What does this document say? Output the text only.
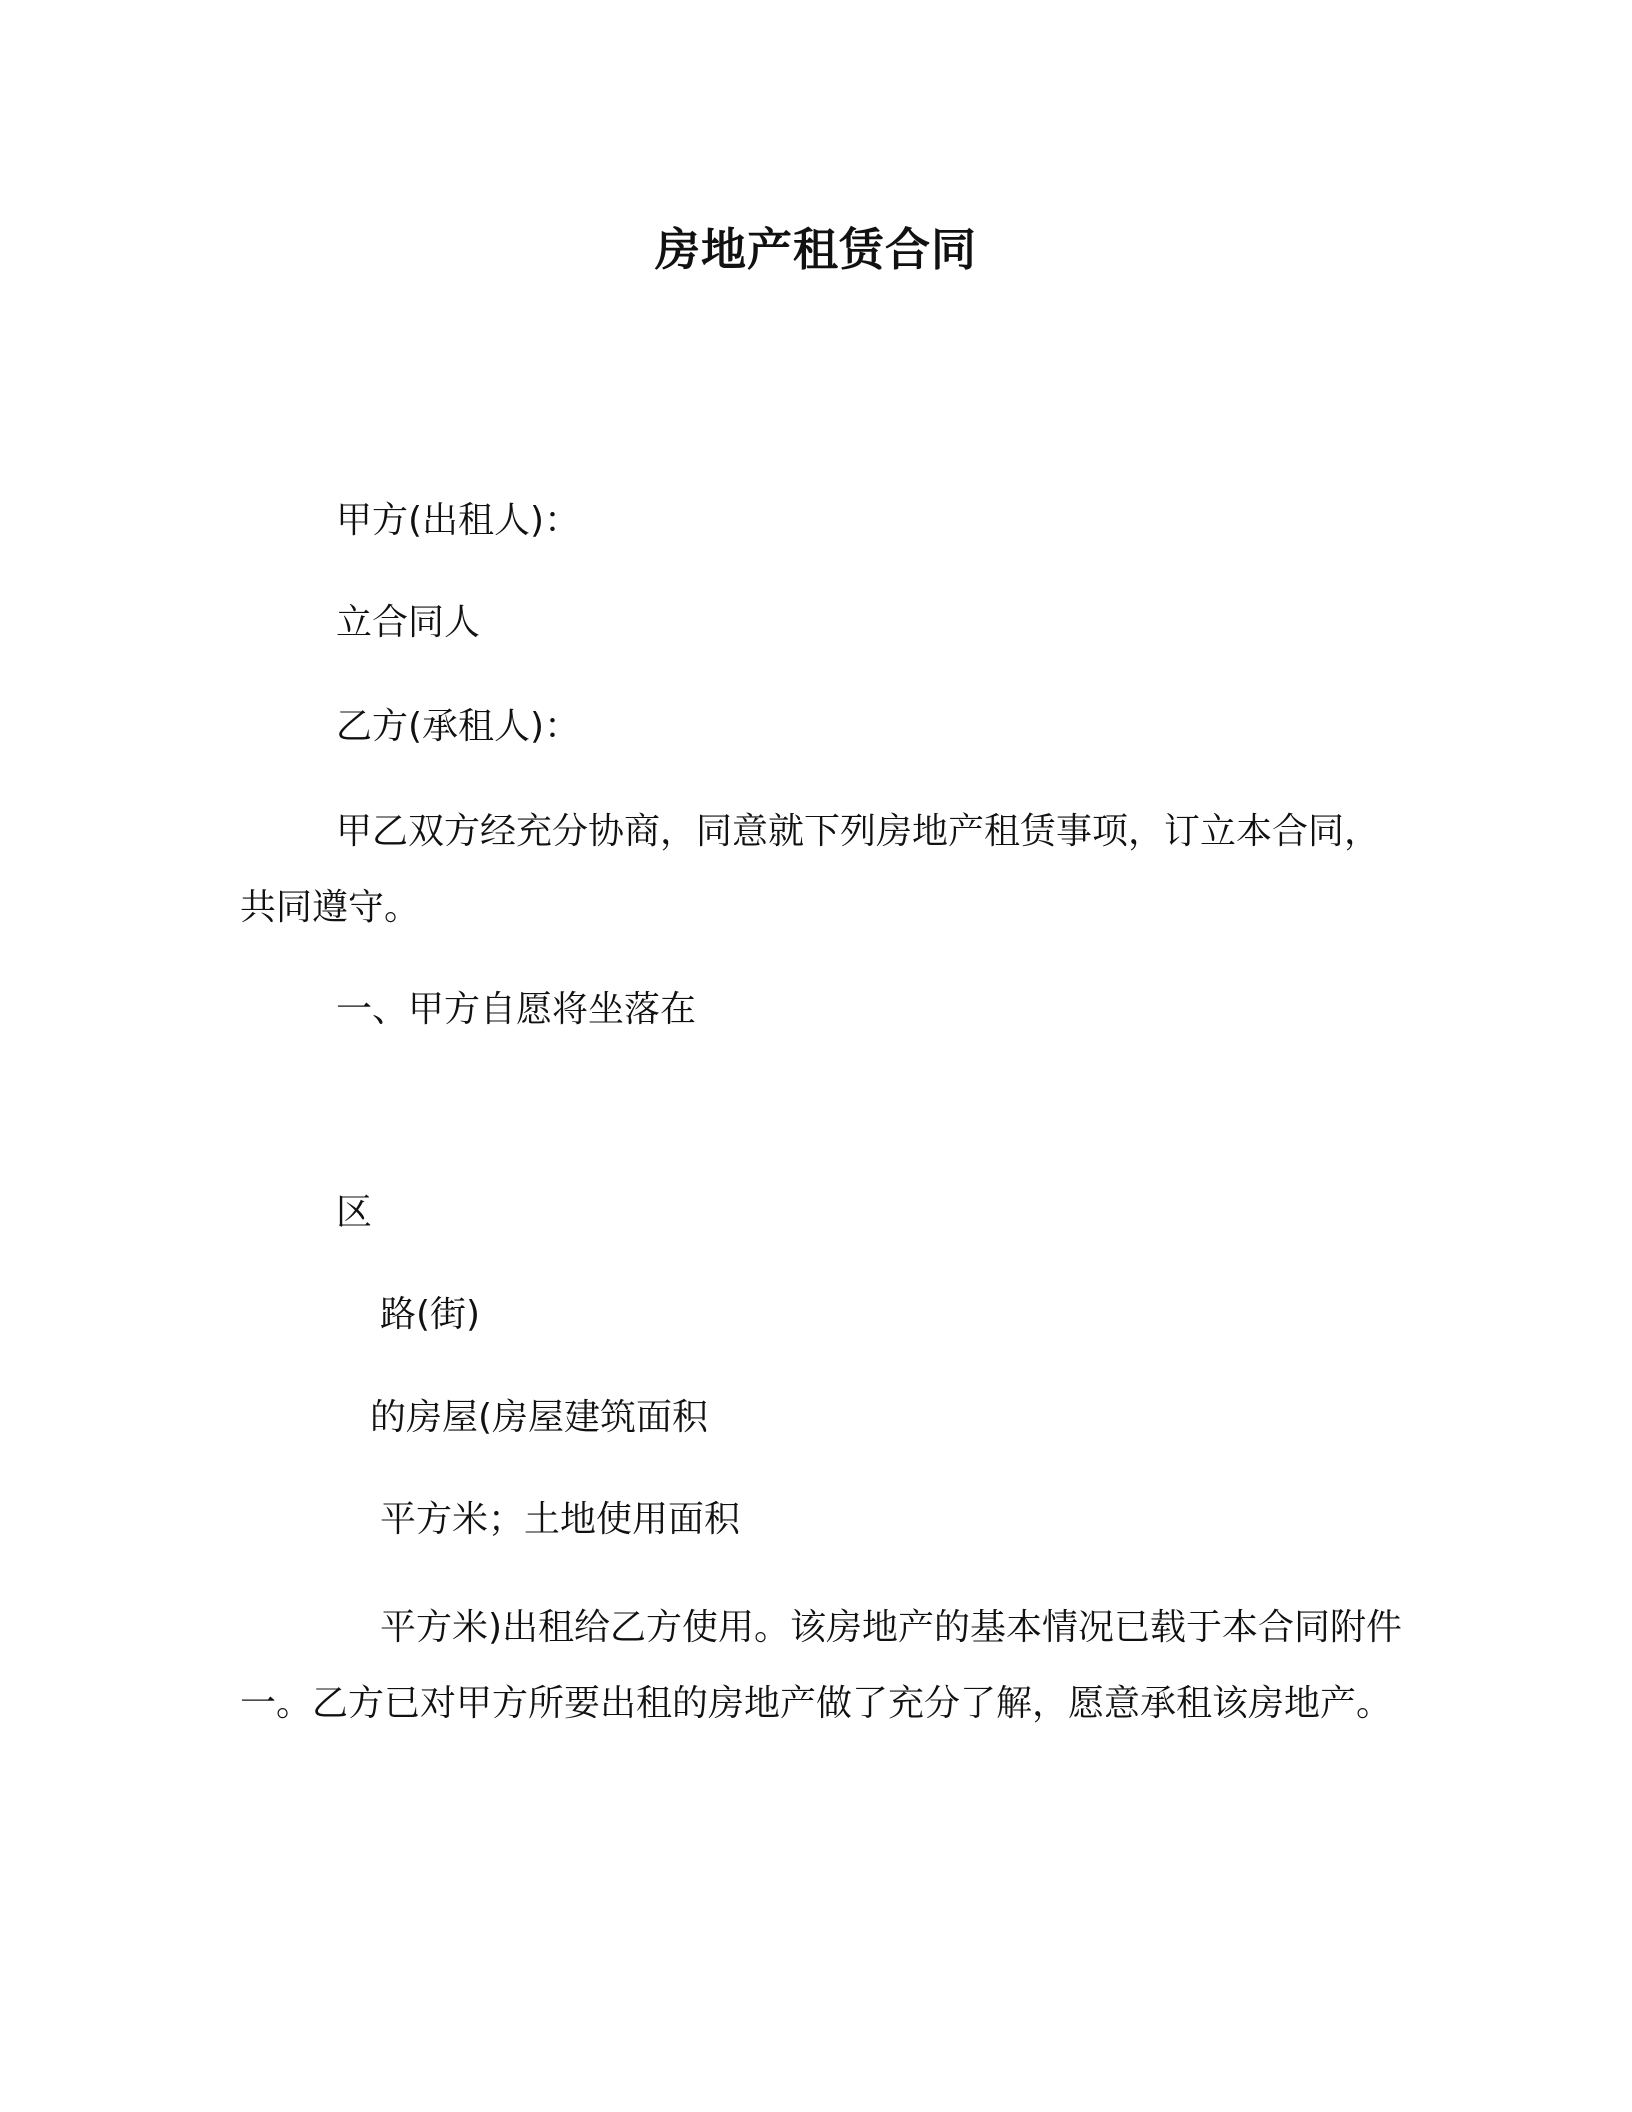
房地产租赁合同
甲方(出租人)：
立合同人
乙方(承租人)：
甲乙双方经充分协商，同意就下列房地产租赁事项，订立本合同，共同遵守。
一、甲方自愿将坐落在
区
路(街)
的房屋(房屋建筑面积
平方米；土地使用面积
平方米)出租给乙方使用。该房地产的基本情况已载于本合同附件一。乙方已对甲方所要出租的房地产做了充分了解，愿意承租该房地产。
